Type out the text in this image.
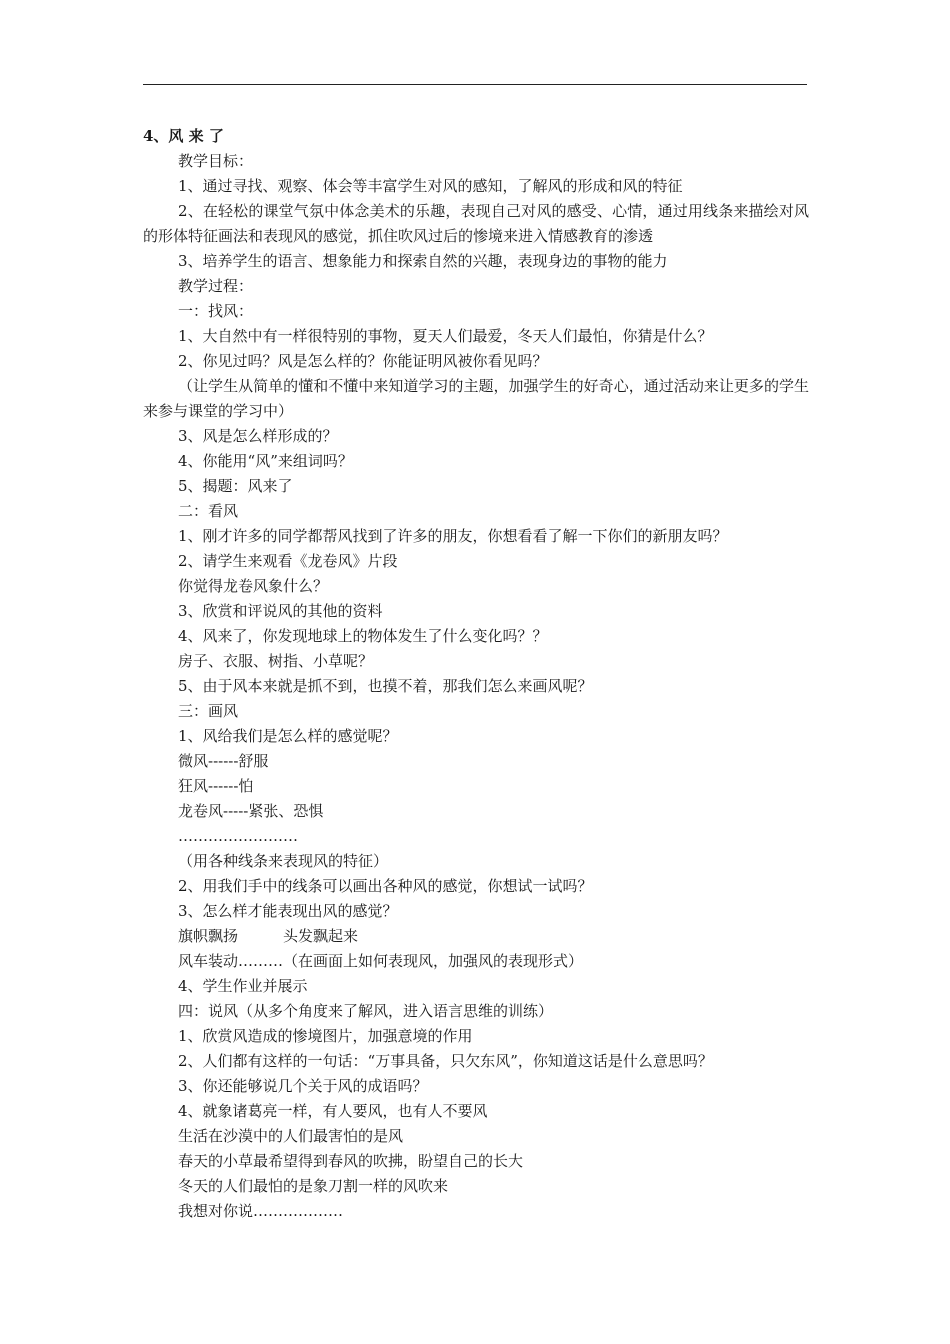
4、风 来 了
教学目标：
1、通过寻找、观察、体会等丰富学生对风的感知，了解风的形成和风的特征
2、在轻松的课堂气氛中体念美术的乐趣，表现自己对风的感受、心情，通过用线条来描绘对风的形体特征画法和表现风的感觉，抓住吹风过后的惨境来进入情感教育的渗透
3、培养学生的语言、想象能力和探索自然的兴趣，表现身边的事物的能力
教学过程：
一：找风：
1、大自然中有一样很特别的事物，夏天人们最爱，冬天人们最怕，你猜是什么？
2、你见过吗？风是怎么样的？你能证明风被你看见吗？
（让学生从简单的懂和不懂中来知道学习的主题，加强学生的好奇心，通过活动来让更多的学生来参与课堂的学习中）
3、风是怎么样形成的？
4、你能用“风”来组词吗？
5、揭题：风来了
二：看风
1、刚才许多的同学都帮风找到了许多的朋友，你想看看了解一下你们的新朋友吗？
2、请学生来观看《龙卷风》片段
你觉得龙卷风象什么？
3、欣赏和评说风的其他的资料
4、风来了，你发现地球上的物体发生了什么变化吗？？
房子、衣服、树指、小草呢？
5、由于风本来就是抓不到，也摸不着，那我们怎么来画风呢？
三：画风
1、风给我们是怎么样的感觉呢？
微风------舒服
狂风------怕
龙卷风-----紧张、恐惧
……………………
（用各种线条来表现风的特征）
2、用我们手中的线条可以画出各种风的感觉，你想试一试吗？
3、怎么样才能表现出风的感觉？
旗帜飘扬　　　头发飘起来
风车装动………（在画面上如何表现风，加强风的表现形式）
4、学生作业并展示
四：说风（从多个角度来了解风，进入语言思维的训练）
1、欣赏风造成的惨境图片，加强意境的作用
2、人们都有这样的一句话：“万事具备，只欠东风”，你知道这话是什么意思吗？
3、你还能够说几个关于风的成语吗？
4、就象诸葛亮一样，有人要风，也有人不要风
生活在沙漠中的人们最害怕的是风
春天的小草最希望得到春风的吹拂，盼望自己的长大
冬天的人们最怕的是象刀割一样的风吹来
我想对你说………………
